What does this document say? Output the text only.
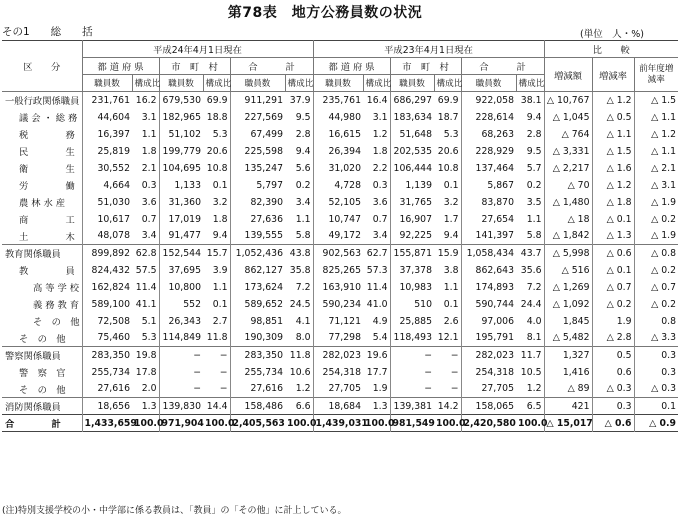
第78表　地方公務員数の状況
その1　　総　　括	(単位　人・%)
区　　分	平成24年4月1日現在						平成23年4月1日現在						比　　較		
	都 道 府 県		市　町　村		合　　　計		都 道 府 県		市　町　村		合　　　計		増減額	増減率	前年度増減率
	職員数	構成比	職員数	構成比	職員数	構成比	職員数	構成比	職員数	構成比	職員数	構成比			
一般行政関係職員	231,761	16.2	679,530	69.9	911,291	37.9	235,761	16.4	686,297	69.9	922,058	38.1	△ 10,767	△ 1.2	△ 1.5
議 会 ・ 総 務	44,604	3.1	182,965	18.8	227,569	9.5	44,980	3.1	183,634	18.7	228,614	9.4	△ 1,045	△ 0.5	△ 1.1
税　　　　務	16,397	1.1	51,102	5.3	67,499	2.8	16,615	1.2	51,648	5.3	68,263	2.8	△ 764	△ 1.1	△ 1.2
民　　　　生	25,819	1.8	199,779	20.6	225,598	9.4	26,394	1.8	202,535	20.6	228,929	9.5	△ 3,331	△ 1.5	△ 1.1
衛　　　　生	30,552	2.1	104,695	10.8	135,247	5.6	31,020	2.2	106,444	10.8	137,464	5.7	△ 2,217	△ 1.6	△ 2.1
労　　　　働	4,664	0.3	1,133	0.1	5,797	0.2	4,728	0.3	1,139	0.1	5,867	0.2	△ 70	△ 1.2	△ 3.1
農 林 水 産	51,030	3.6	31,360	3.2	82,390	3.4	52,105	3.6	31,765	3.2	83,870	3.5	△ 1,480	△ 1.8	△ 1.9
商　　　　工	10,617	0.7	17,019	1.8	27,636	1.1	10,747	0.7	16,907	1.7	27,654	1.1	△ 18	△ 0.1	△ 0.2
土　　　　木	48,078	3.4	91,477	9.4	139,555	5.8	49,172	3.4	92,225	9.4	141,397	5.8	△ 1,842	△ 1.3	△ 1.9
教育関係職員	899,892	62.8	152,544	15.7	1,052,436	43.8	902,563	62.7	155,871	15.9	1,058,434	43.7	△ 5,998	△ 0.6	△ 0.8
教　　　　員	824,432	57.5	37,695	3.9	862,127	35.8	825,265	57.3	37,378	3.8	862,643	35.6	△ 516	△ 0.1	△ 0.2
高 等 学 校	162,824	11.4	10,800	1.1	173,624	7.2	163,910	11.4	10,983	1.1	174,893	7.2	△ 1,269	△ 0.7	△ 0.7
義 務 教 育	589,100	41.1	552	0.1	589,652	24.5	590,234	41.0	510	0.1	590,744	24.4	△ 1,092	△ 0.2	△ 0.2
そ　の　他	72,508	5.1	26,343	2.7	98,851	4.1	71,121	4.9	25,885	2.6	97,006	4.0	1,845	1.9	0.8
そ　の　他	75,460	5.3	114,849	11.8	190,309	8.0	77,298	5.4	118,493	12.1	195,791	8.1	△ 5,482	△ 2.8	△ 3.3
警察関係職員	283,350	19.8	−	−	283,350	11.8	282,023	19.6	−	−	282,023	11.7	1,327	0.5	0.3
警　察　官	255,734	17.8	−	−	255,734	10.6	254,318	17.7	−	−	254,318	10.5	1,416	0.6	0.3
そ　の　他	27,616	2.0	−	−	27,616	1.2	27,705	1.9	−	−	27,705	1.2	△ 89	△ 0.3	△ 0.3
消防関係職員	18,656	1.3	139,830	14.4	158,486	6.6	18,684	1.3	139,381	14.2	158,065	6.5	421	0.3	0.1
合　　　　計	1,433,659	100.0	971,904	100.0	2,405,563	100.0	1,439,031	100.0	981,549	100.0	2,420,580	100.0	△ 15,017	△ 0.6	△ 0.9
(注)特別支援学校の小・中学部に係る教員は、「教員」の「その他」に計上している。
